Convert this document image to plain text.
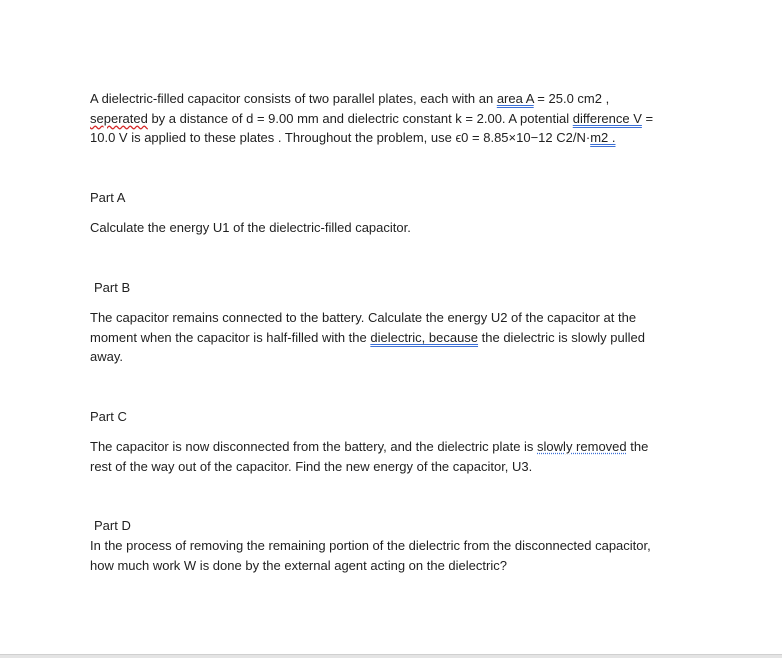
A dielectric-filled capacitor consists of two parallel plates, each with an area A = 25.0 cm2 ,
seperated by a distance of d = 9.00 mm and dielectric constant k = 2.00. A potential difference V =
10.0 V is applied to these plates . Throughout the problem, use ϵ0 = 8.85×10−12 C2/N·m2 .
Part A
Calculate the energy U1 of the dielectric-filled capacitor.
Part B
The capacitor remains connected to the battery. Calculate the energy U2 of the capacitor at the
moment when the capacitor is half-filled with the dielectric, because the dielectric is slowly pulled
away.
Part C
The capacitor is now disconnected from the battery, and the dielectric plate is slowly removed the
rest of the way out of the capacitor. Find the new energy of the capacitor, U3.
Part D
In the process of removing the remaining portion of the dielectric from the disconnected capacitor,
how much work W is done by the external agent acting on the dielectric?
